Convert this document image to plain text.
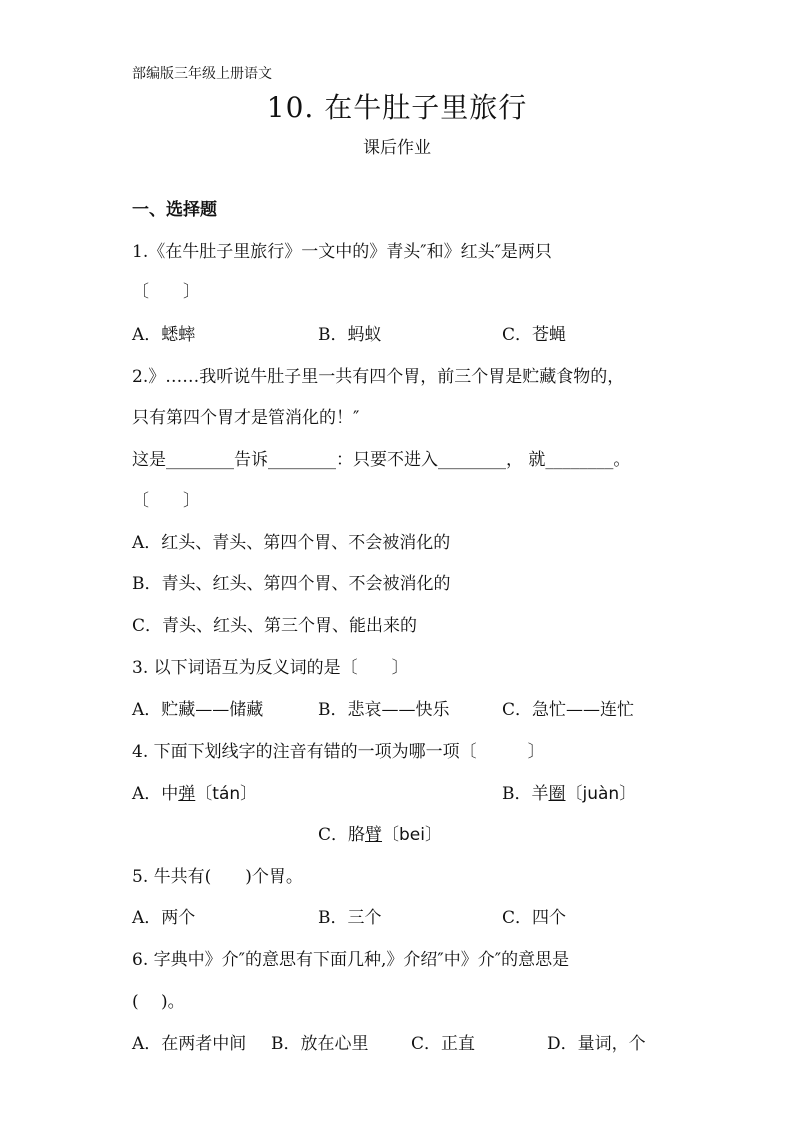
部编版三年级上册语文
10. 在牛肚子里旅行
课后作业
一、选择题
1.《在牛肚子里旅行》一文中的》青头″和》红头″是两只
〔　　〕
A．蟋蟀	B．蚂蚁	C．苍蝇
2.》……我听说牛肚子里一共有四个胃，前三个胃是贮藏食物的，
只有第四个胃才是管消化的！″
这是________告诉________：只要不进入________， 就________。
〔　　〕
A．红头、青头、第四个胃、不会被消化的
B．青头、红头、第四个胃、不会被消化的
C．青头、红头、第三个胃、能出来的
3. 以下词语互为反义词的是〔　　〕
A．贮藏——储藏	B．悲哀——快乐	C．急忙——连忙
4. 下面下划线字的注音有错的一项为哪一项〔　　　〕
A．中弹〔tán〕	B．羊圈〔juàn〕
C．胳臂〔bei〕
5. 牛共有(　　)个胃。
A．两个	B．三个	C．四个
6. 字典中》介″的意思有下面几种,》介绍″中》介″的意思是
(　 )。
A．在两者中间 B．放在心里	C．正直	D．量词，个
